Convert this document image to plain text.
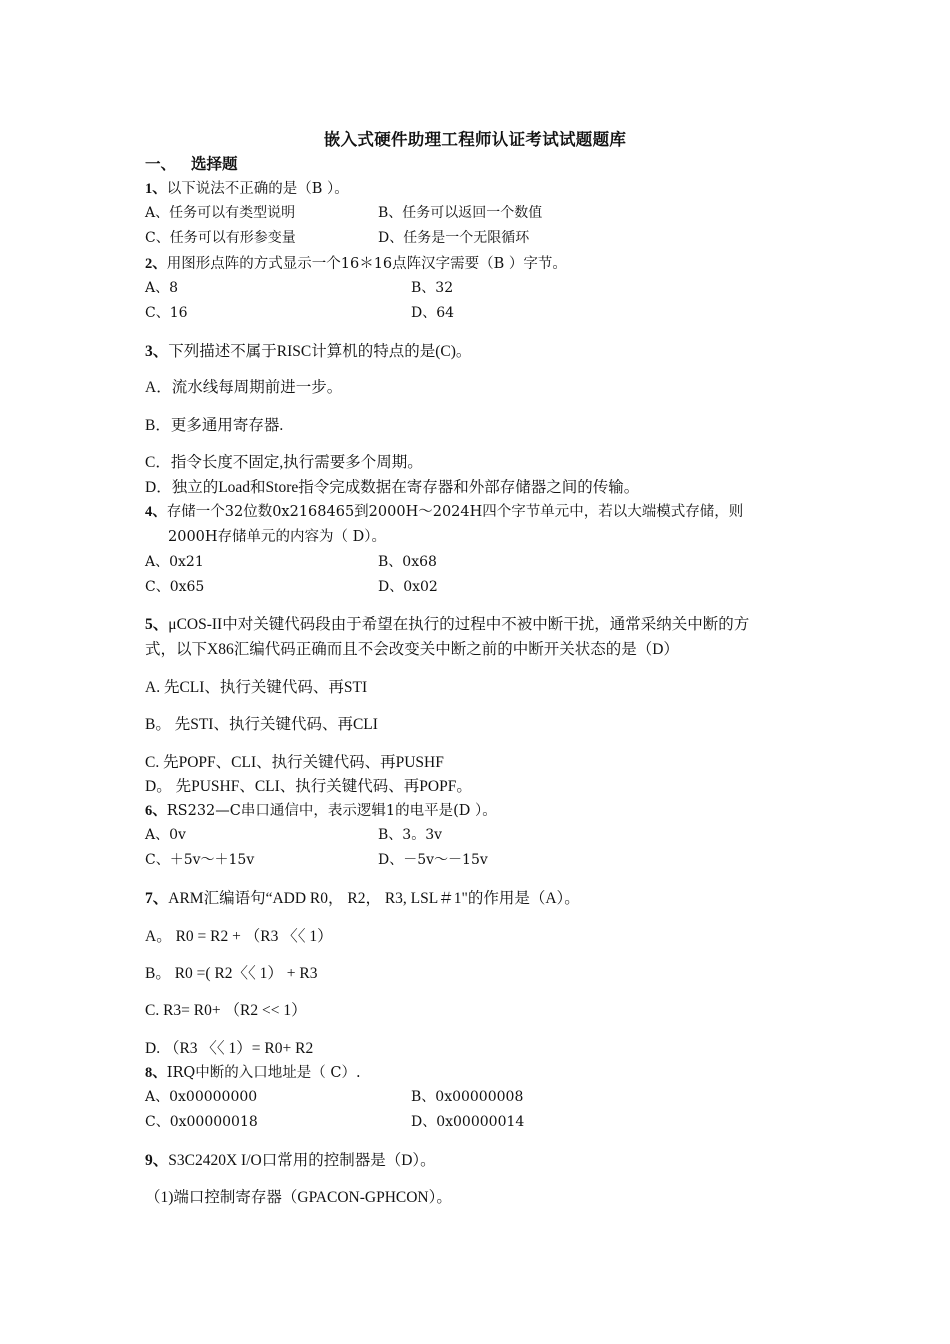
嵌入式硬件助理工程师认证考试试题题库
一、 选择题
1、以下说法不正确的是（B ）。
A、任务可以有类型说明	B、任务可以返回一个数值
C、任务可以有形参变量	D、任务是一个无限循环
2、用图形点阵的方式显示一个16＊16点阵汉字需要（B ）字节。
A、8	B、32
C、16	D、64
3、下列描述不属于RISC计算机的特点的是(C)。
A．流水线每周期前进一步。
B．更多通用寄存器.
C．指令长度不固定,执行需要多个周期。
D．独立的Load和Store指令完成数据在寄存器和外部存储器之间的传输。
4、存储一个32位数0x2168465到2000H～2024H四个字节单元中，若以大端模式存储，则
2000H存储单元的内容为（ D）。
A、0x21	B、0x68
C、0x65	D、0x02
5、μCOS-II中对关键代码段由于希望在执行的过程中不被中断干扰，通常采纳关中断的方
式，以下X86汇编代码正确而且不会改变关中断之前的中断开关状态的是（D）
A. 先CLI、执行关键代码、再STI
B。 先STI、执行关键代码、再CLI
C. 先POPF、CLI、执行关键代码、再PUSHF
D。 先PUSHF、CLI、执行关键代码、再POPF。
6、RS232—C串口通信中，表示逻辑1的电平是(D ）。
A、0v	B、3。3v
C、＋5v～＋15v	D、－5v～－15v
7、ARM汇编语句“ADD R0， R2， R3, LSL＃1"的作用是（A）。
A。 R0 = R2 + （R3 〈〈 1）
B。 R0 =( R2〈〈 1） + R3
C. R3= R0+ （R2 << 1）
D. （R3 〈〈 1）= R0+ R2
8、IRQ中断的入口地址是（ C）.
A、0x00000000	B、0x00000008
C、0x00000018	D、0x00000014
9、S3C2420X I/O口常用的控制器是（D）。
（1)端口控制寄存器（GPACON-GPHCON）。
